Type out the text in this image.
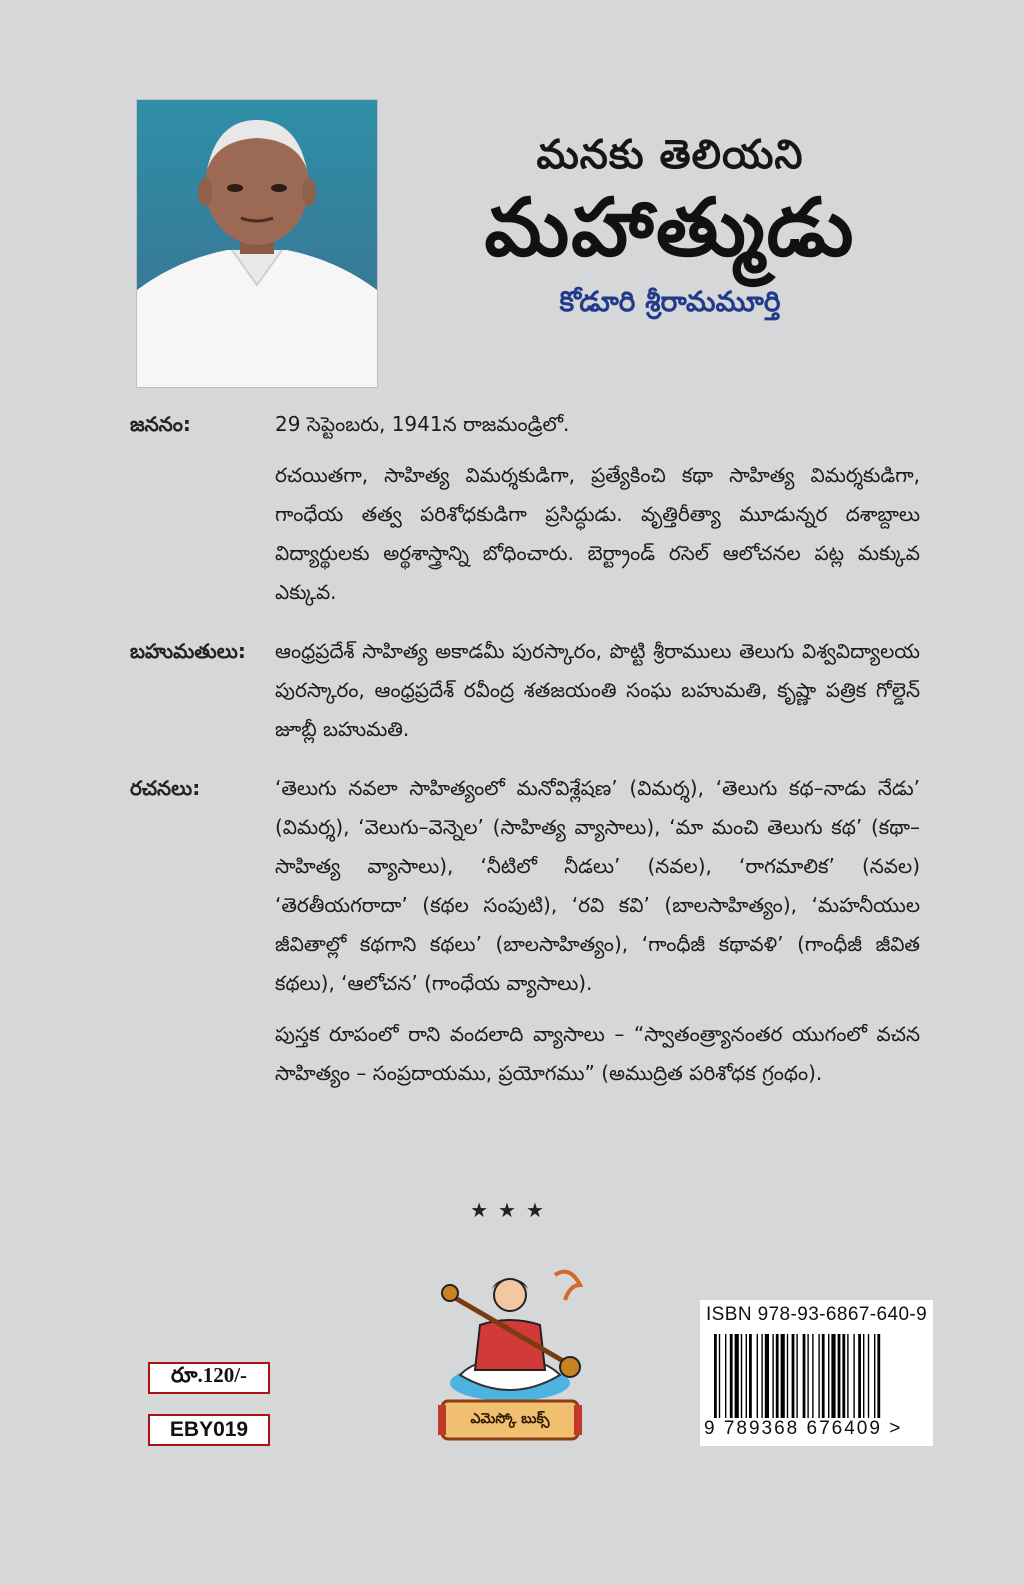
మనకు తెలియని
మహాత్ముడు
కోడూరి శ్రీరామమూర్తి
జననం:	29 సెప్టెంబరు, 1941న రాజమండ్రిలో.
రచయితగా, సాహిత్య విమర్శకుడిగా, ప్రత్యేకించి కథా సాహిత్య విమర్శకుడిగా, గాంధేయ తత్వ పరిశోధకుడిగా ప్రసిద్ధుడు. వృత్తిరీత్యా మూడున్నర దశాబ్దాలు విద్యార్థులకు అర్థశాస్త్రాన్ని బోధించారు. బెర్ట్రాండ్ రసెల్ ఆలోచనల పట్ల మక్కువ ఎక్కువ.
బహుమతులు:	ఆంధ్రప్రదేశ్ సాహిత్య అకాడమీ పురస్కారం, పొట్టి శ్రీరాములు తెలుగు విశ్వవిద్యాలయ పురస్కారం, ఆంధ్రప్రదేశ్ రవీంద్ర శతజయంతి సంఘ బహుమతి, కృష్ణా పత్రిక గోల్డెన్ జూబ్లీ బహుమతి.
రచనలు:	‘తెలుగు నవలా సాహిత్యంలో మనోవిశ్లేషణ’ (విమర్శ), ‘తెలుగు కథ–నాడు నేడు’ (విమర్శ), ‘వెలుగు–వెన్నెల’ (సాహిత్య వ్యాసాలు), ‘మా మంచి తెలుగు కథ’ (కథా–సాహిత్య వ్యాసాలు), ‘నీటిలో నీడలు’ (నవల), ‘రాగమాలిక’ (నవల) ‘తెరతీయగరాదా’ (కథల సంపుటి), ‘రవి కవి’ (బాలసాహిత్యం), ‘మహనీయుల జీవితాల్లో కథగాని కథలు’ (బాలసాహిత్యం), ‘గాంధీజీ కథావళి’ (గాంధీజీ జీవిత కథలు), ‘ఆలోచన’ (గాంధేయ వ్యాసాలు).
పుస్తక రూపంలో రాని వందలాది వ్యాసాలు – “స్వాతంత్ర్యానంతర యుగంలో వచన సాహిత్యం – సంప్రదాయము, ప్రయోగము” (అముద్రిత పరిశోధక గ్రంథం).
★★★
ఎమెస్కో బుక్స్
రూ.120/-
EBY019
ISBN 978-93-6867-640-9
9 789368 676409 >
